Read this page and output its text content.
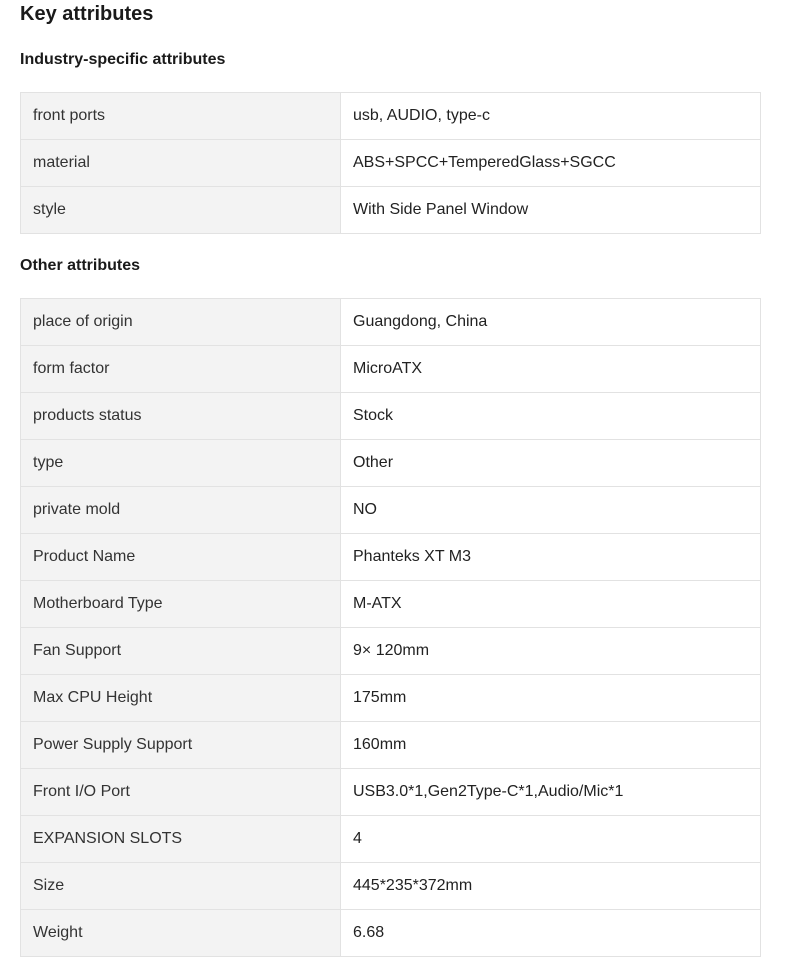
Key attributes
Industry-specific attributes
front ports	usb, AUDIO, type-c
material	ABS+SPCC+TemperedGlass+SGCC
style	With Side Panel Window
Other attributes
place of origin	Guangdong, China
form factor	MicroATX
products status	Stock
type	Other
private mold	NO
Product Name	Phanteks XT M3
Motherboard Type	M-ATX
Fan Support	9× 120mm
Max CPU Height	175mm
Power Supply Support	160mm
Front I/O Port	USB3.0*1,Gen2Type-C*1,Audio/Mic*1
EXPANSION SLOTS	4
Size	445*235*372mm
Weight	6.68
